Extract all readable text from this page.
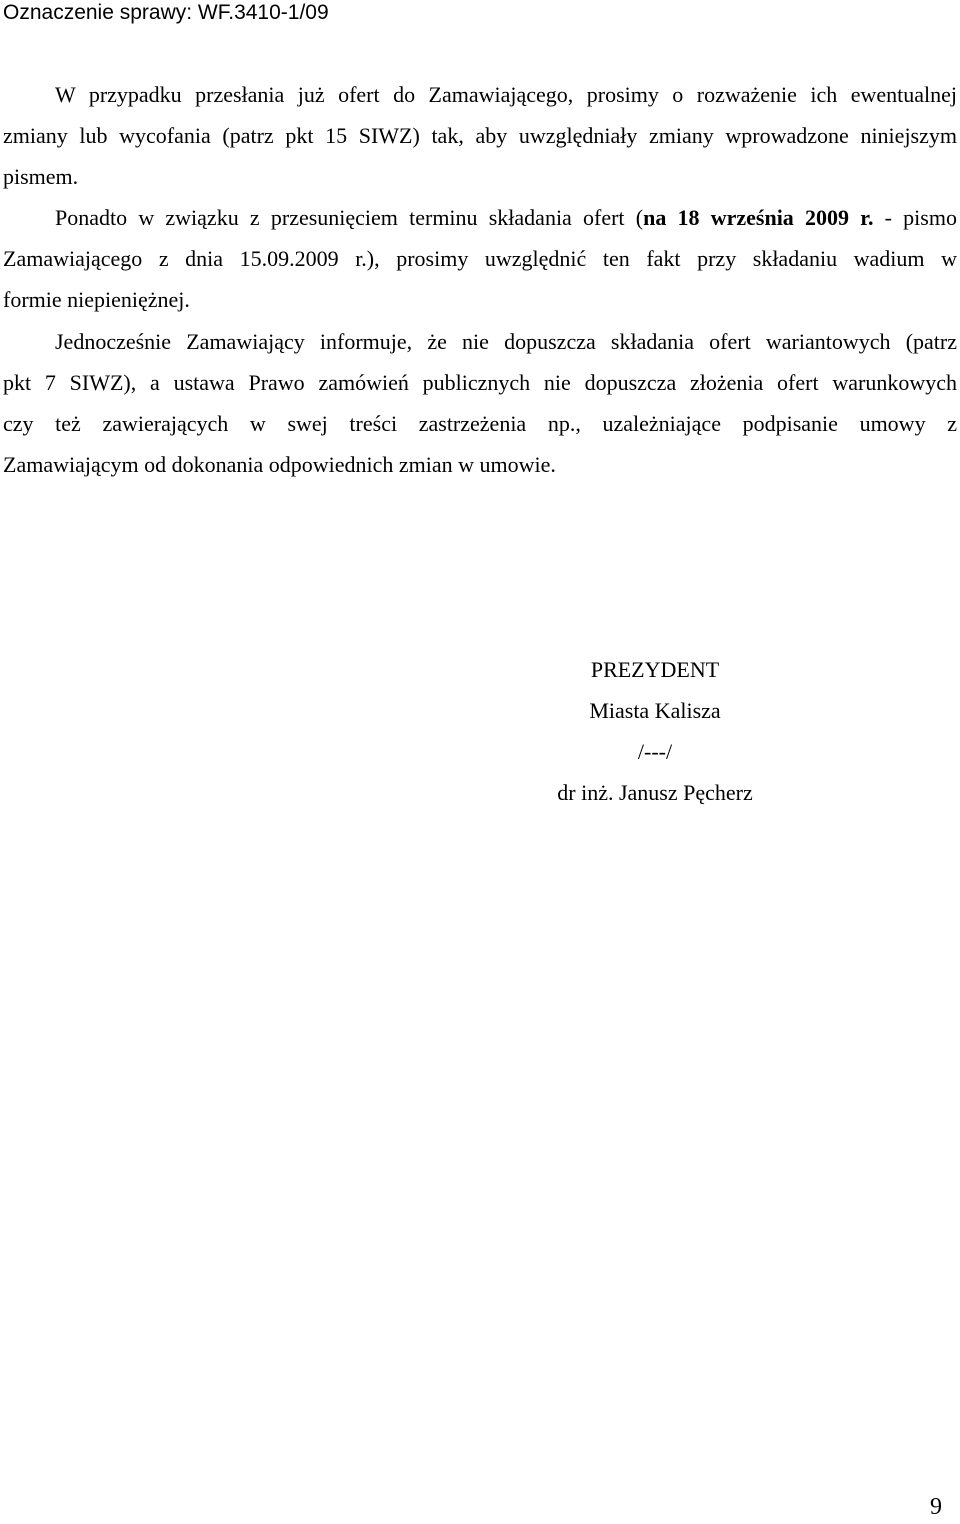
Oznaczenie sprawy: WF.3410-1/09
W przypadku przesłania już ofert do Zamawiającego, prosimy o rozważenie ich ewentualnej
zmiany lub wycofania (patrz pkt 15 SIWZ) tak, aby uwzględniały zmiany wprowadzone niniejszym
pismem.
Ponadto w związku z przesunięciem terminu składania ofert (na 18 września 2009 r. - pismo
Zamawiającego z dnia 15.09.2009 r.), prosimy uwzględnić ten fakt przy składaniu wadium w
formie niepieniężnej.
Jednocześnie Zamawiający informuje, że nie dopuszcza składania ofert wariantowych (patrz
pkt 7 SIWZ), a ustawa Prawo zamówień publicznych nie dopuszcza złożenia ofert warunkowych
czy też zawierających w swej treści zastrzeżenia np., uzależniające podpisanie umowy z
Zamawiającym od dokonania odpowiednich zmian w umowie.
PREZYDENT
Miasta Kalisza
/---/
dr inż. Janusz Pęcherz
9
